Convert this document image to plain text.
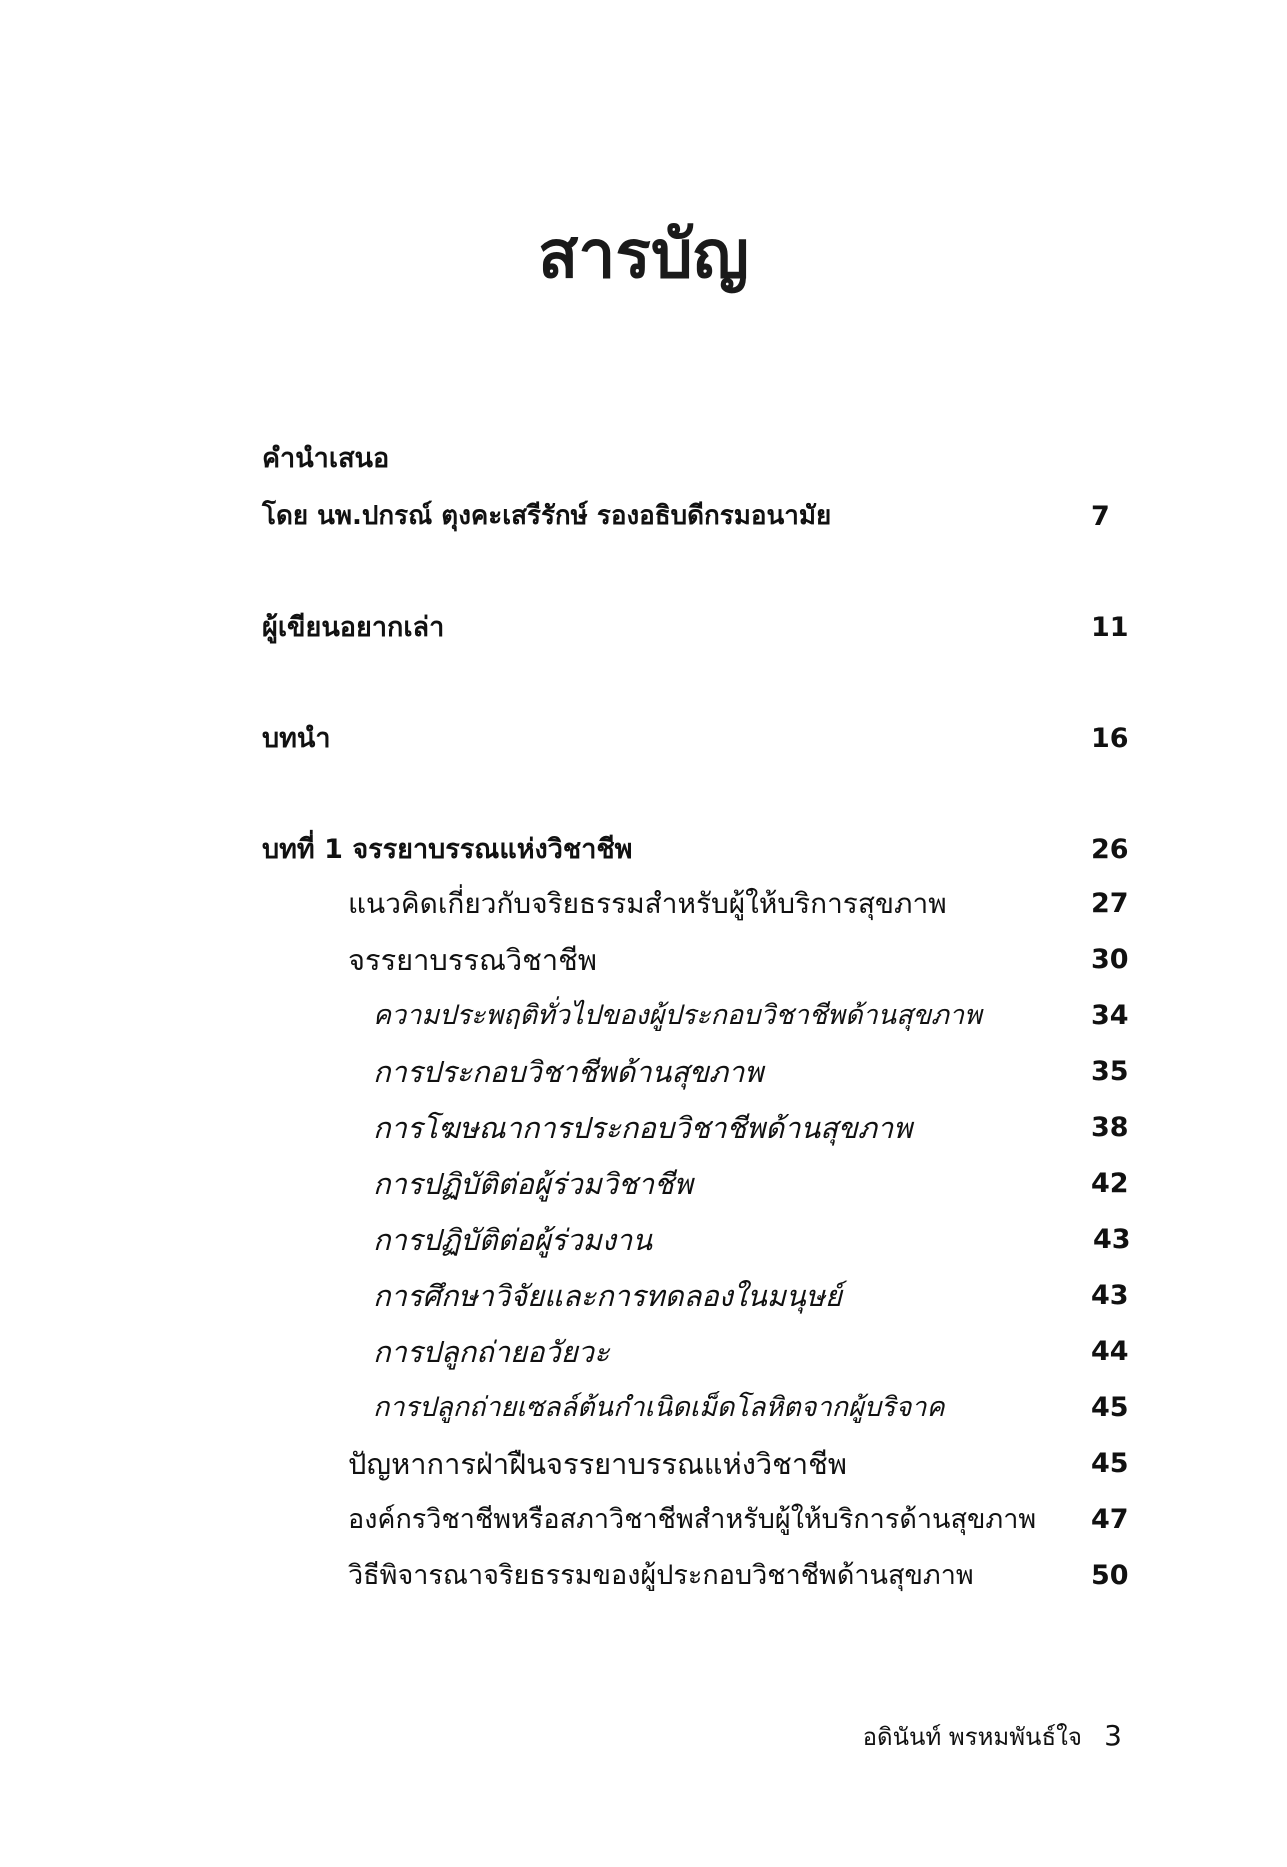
สารบัญ
คำนำเสนอ
โดย นพ.ปกรณ์ ตุงคะเสรีรักษ์ รองอธิบดีกรมอนามัย	7
ผู้เขียนอยากเล่า	11
บทนำ	16
บทที่ 1 จรรยาบรรณแห่งวิชาชีพ	26
แนวคิดเกี่ยวกับจริยธรรมสำหรับผู้ให้บริการสุขภาพ	27
จรรยาบรรณวิชาชีพ	30
ความประพฤติทั่วไปของผู้ประกอบวิชาชีพด้านสุขภาพ	34
การประกอบวิชาชีพด้านสุขภาพ	35
การโฆษณาการประกอบวิชาชีพด้านสุขภาพ	38
การปฏิบัติต่อผู้ร่วมวิชาชีพ	42
การปฏิบัติต่อผู้ร่วมงาน	43
การศึกษาวิจัยและการทดลองในมนุษย์	43
การปลูกถ่ายอวัยวะ	44
การปลูกถ่ายเซลล์ต้นกำเนิดเม็ดโลหิตจากผู้บริจาค	45
ปัญหาการฝ่าฝืนจรรยาบรรณแห่งวิชาชีพ	45
องค์กรวิชาชีพหรือสภาวิชาชีพสำหรับผู้ให้บริการด้านสุขภาพ 47
วิธีพิจารณาจริยธรรมของผู้ประกอบวิชาชีพด้านสุขภาพ	50
อดินันท์ พรหมพันธ์ใจ 3
